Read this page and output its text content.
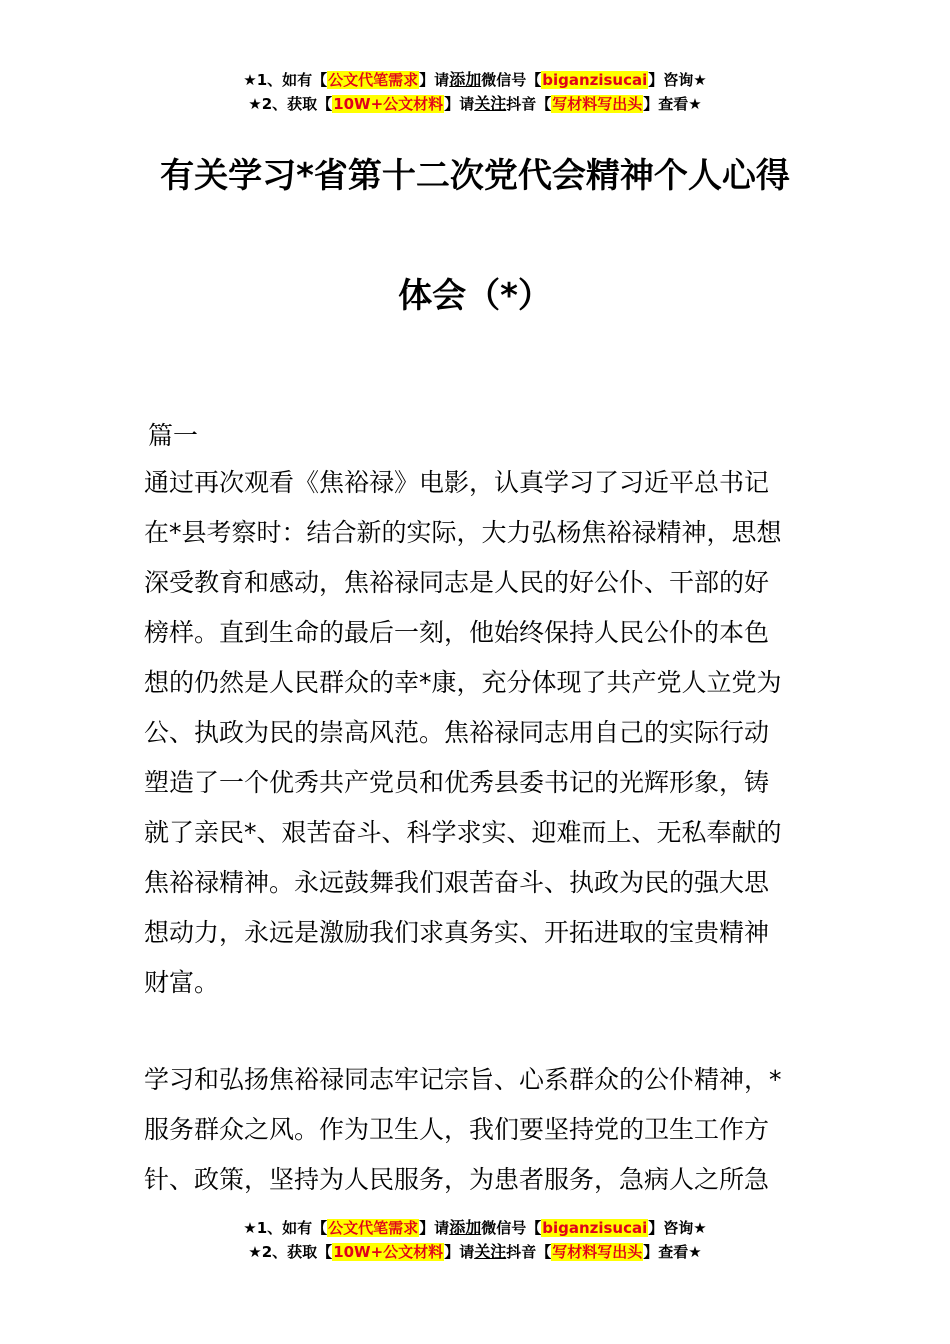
★1、如有【公文代笔需求】请添加微信号【biganzisucai】咨询★
★2、获取【10W+公文材料】请关注抖音【写材料写出头】查看★
有关学习*省第十二次党代会精神个人心得
体会（*）
篇一
通过再次观看《焦裕禄》电影，认真学习了习近平总书记
在*县考察时：结合新的实际，大力弘杨焦裕禄精神，思想
深受教育和感动，焦裕禄同志是人民的好公仆、干部的好
榜样。直到生命的最后一刻，他始终保持人民公仆的本色
想的仍然是人民群众的幸*康，充分体现了共产党人立党为
公、执政为民的崇高风范。焦裕禄同志用自己的实际行动
塑造了一个优秀共产党员和优秀县委书记的光辉形象，铸
就了亲民*、艰苦奋斗、科学求实、迎难而上、无私奉献的
焦裕禄精神。永远鼓舞我们艰苦奋斗、执政为民的强大思
想动力，永远是激励我们求真务实、开拓进取的宝贵精神
财富。
学习和弘扬焦裕禄同志牢记宗旨、心系群众的公仆精神，*
服务群众之风。作为卫生人，我们要坚持党的卫生工作方
针、政策，坚持为人民服务，为患者服务，急病人之所急
★1、如有【公文代笔需求】请添加微信号【biganzisucai】咨询★
★2、获取【10W+公文材料】请关注抖音【写材料写出头】查看★
